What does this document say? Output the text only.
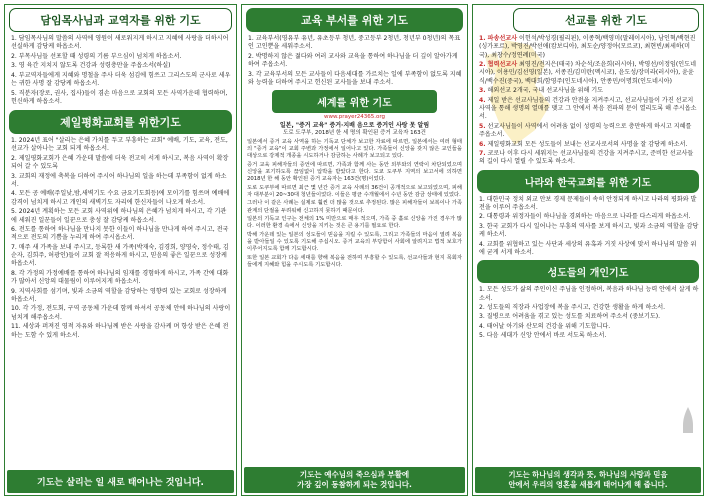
담임목사님과 교역자를 위한 기도
1. 담임목사님의 말씀의 사역에 영원이 새로워지게 하시고 지혜에 사랑을 더하시어 선실하게 감당케 하옵소서.
2. 부목사님들 선포할 때 성령의 기름 부으심이 넘치게 하옵소서.
3. 영 육간 지치지 않도록 건강과 성령충만을 주옵소서(하실)
4. 부교역자들에게 지혜와 명철을 주사 더욱 섬김에 힘쓰고 그리스도의 군사로 세우는 귀한 사명 잘 감당케 하옵소서.
5. 직분자(장로, 권사, 집사)들이 겸손 마음으로 교회의 모든 사역가운데 협력하며, 헌신하게 하옵소서.
제일평화교회를 위한기도
1. 2024년 표어 "살리는 은혜 가치를 두고 부흥하는 교회" 예배, 기도, 교육, 전도, 선교가 살아나는 교회 되게 하옵소서.
2. 제일평화교회가 은혜 가운데 말씀에 더욱 전고히 서게 하시고, 복음 사역이 확장 되어 갈 수 있도록
3. 교회의 재정에 축복을 더하여 주시어 하나님의 일을 하는데 부족함이 없게 하소서.
4. 모든 공 예배(주일낮,밤,새벽기도 수요 금요기도회등)에 모이기를 힘쓰며 예배에 감격이 넘치게 하시고 개인의 새벽기도 자리에 한신자들이 나오게 하소서.
5. 2024년 계획하는 모든 교회 사역위에 하나님의 은혜가 넘치게 하시고, 각 기관에 세워진 일꾼들이 일꾼으로 충성 잘 감당케 하옵소서.
6. 전도를 통하여 하나님을 만나지 못한 이들이 하나님을 만나게 하여 주시고, 전국적으로 전도의 기쁨을 누리게 하여 주시옵소서.
7. 매주 새 가족을 보내 주시고, 등록한 새 가족(박재숙, 김경희, 양영숙, 정수태, 김순자, 김희주, 허광인)들이 교회 잘 적응하게 하시고, 믿음의 좋은 일꾼으로 성장케 하옵소서.
8. 각 가정의 가정예배를 통하여 하나님의 임재를 경험하게 하시고, 가족 간에 대화가 많아서 신앙의 대물림이 이루어지게 하옵소서.
9. 지역사회를 섬기며, 빛과 소금의 역할을 감당하는 영향력 있는 교회로 성장하게 하옵소서.
10. 각 가정, 전도회, 구역 공동체 가운데 함께 하셔서 공동체 안에 하나님의 사랑이 넘치게 해주옵소서.
11. 세상과 퍼져진 영적 자유와 하나님께 받은 사랑을 감사케 며 항상 받은 은혜 전하는 도함 수 있게 하소서.
기도는 살리는 일 새로 태어나는 것입니다.
교육 부서를 위한 기도
1. 교육부서(영유부 유년, 유초등부 청년, 중고등부 2청년, 청년부 0청년)의 목표인 고인뿐을 세워주소서.
2. 박명하지 않은 젊다와 여러 교사와 교육을 통하여 하나님을 더 깊이 알아가게 하여 주옵소서.
3. 각 교육부서의 모든 교사들이 다음세대를 가르치는 일에 부족함이 없도록 지혜와 능력을 더하여 주시고 헌신된 교사들을 보내 주소서.
세계를 위한 기도
www.prayer24365.org
일본, "증거 교육" 증거·지배 음으로 증거인 사랑 못 알림
도로 도쿠부, 2018년 한 세 명의 확인된 증거 교육자 163건
일본에서 증거 교육 사역을 하는 기독교 단체가 보고한 자료에 따르면, 일본에서는 여러 형태의 "증거 교육"이 교회 주변과 가정에서 일어나고 있다. 가족들이 신앙을 갖지 않은 교인들을 대상으로 강제적 개종을 시도하거나 감금하는 사례가 보고되고 있다.
증거 교육 피해자들의 증언에 따르면, 가족과 함께 사는 동안 외부와의 연락이 차단되었으며 신앙을 포기하도록 끊임없이 압박을 받았다고 한다. 도쿄 도쿠부 지역의 보고서에 의하면 2018년 한 해 동안 확인된 증거 교육자는 163건(명)이었다.
도로 도쿠부에 따르면 최근 몇 년간 증거 교육 사례의 36건이 공개적으로 보고되었으며, 피해자 대부분이 20~30대 청년들이었다. 이들은 평균 수개월에서 수년 동안 감금 상태에 있었다.
그러나 이 같은 사례는 실제로 훨씬 더 많을 것으로 추정된다. 많은 피해자들이 보복이나 가족 관계의 단절을 두려워해 신고하지 못하기 때문이다.
일본의 기독교 인구는 전체의 1% 미만으로 매우 적으며, 가족 중 홀로 신앙을 가진 경우가 많다. 이러한 환경 속에서 신앙을 지키는 것은 큰 용기를 필요로 한다.
박해 가운데 있는 일본의 성도들이 믿음을 지킬 수 있도록, 그리고 가족들의 마음이 열려 복음을 받아들일 수 있도록 기도해 주십시오. 증거 교육의 부당함이 사회에 알려지고 법적 보호가 이루어지도록 함께 기도합시다.
또한 일본 교회가 다음 세대를 향해 복음을 전하며 부흥할 수 있도록, 선교사들과 현지 목회자들에게 지혜와 힘을 주시도록 기도합시다.
기도는 예수님의 죽으심과 부활에
가장 깊이 동참하게 되는 것입니다.
선교를 위한 기도
1. 파송선교사 이헌석/박성경(필리핀), 이종혁/백영미(말레이시아), 남인혁/백현진(싱가포르), 박영진/박선애(캄보디아), 최도순/양정아(모르코), 최현빈/최세하(미국), 최창수/정연례(미국)
2. 협력선교사 최영진/전지은(태국) 차순석/조윤희(러시아), 박영선/이정임(인도네시아), 이용민/김선영(일본), 서종진/김미란(멕시코), 윤도성/장미라(러시아), 윤윤식/백수진(중국), 백대희/함영주(인도네시아), 안종민/이명희(인도네시아)
3. 해외선교 2개국, 국내 선교사님을 위해 기도
4. 제일 받은 선교사님들의 건강과 안전을 지켜주시고, 선교사님들이 가진 선교지 사역을 통해 생명의 열매를 맺고 그 안에서 복음 전파의 문이 열리도록 해 주시옵소서.
5. 선교사님들이 사역에서 어려움 없이 성령의 능력으로 충만하게 하시고 지혜를 주옵소서.
6. 제일평화교회 모든 성도들이 보내는 선교사로서의 사명을 잘 감당케 하소서.
7. 코로나 이후 다시 세워지는 선교사님들의 건강을 지켜주시고, 준비한 선교사들의 길이 다시 열릴 수 있도록 하소서.
나라와 한국교회를 위한 기도
1. 대한민국 정치 외교 안보 경제 문제들이 속히 안정되게 하시고 나라의 평화와 발전을 이루어 주옵소서.
2. 대통령과 위정자들이 하나님을 경외하는 마음으로 나라를 다스리게 하옵소서.
3. 한국 교회가 다시 일어나는 부흥의 역사를 보게 하시고, 빛과 소금의 역할을 감당케 하소서.
4. 교회를 위협하고 있는 사단과 세상의 유혹과 거짓 사상에 맞서 하나님의 말씀 위에 굳게 서게 하소서.
성도들의 개인기도
1. 모든 성도가 삶의 주인이신 주님을 인정하며, 복음과 하나님 능력 안에서 살게 하소서.
2. 성도들의 직장과 사업장에 복을 주시고, 건강한 생활을 하게 하소서.
3. 질병으로 어려움을 겪고 있는 성도를 치료하여 주소서 (중보기도).
4. 태어날 아기와 산모의 건강을 위해 기도합니다.
5. 다음 세대가 신앙 안에서 바로 서도록 하소서.
기도는 하나님의 생각과 뜻, 하나님의 사랑과 믿음
안에서 우리의 영혼을 새롭게 태어나게 해 줍니다.
